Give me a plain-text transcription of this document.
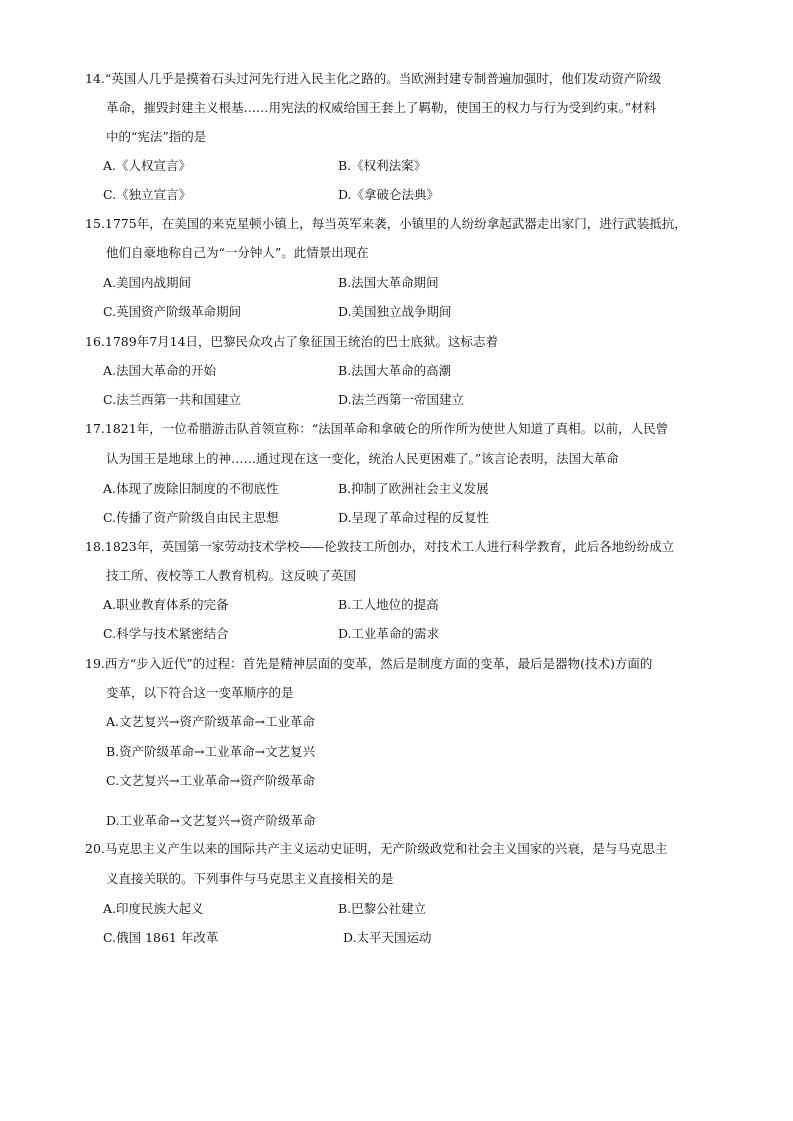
14.“英国人几乎是摸着石头过河先行进入民主化之路的。当欧洲封建专制普遍加强时，他们发动资产阶级
革命，摧毁封建主义根基……用宪法的权威给国王套上了羁勒，使国王的权力与行为受到约束。”材料
中的“宪法”指的是
A.《人权宣言》	B.《权利法案》
C.《独立宣言》	D.《拿破仑法典》
15.1775年，在美国的来克星顿小镇上，每当英军来袭，小镇里的人纷纷拿起武器走出家门，进行武装抵抗，
他们自豪地称自己为“一分钟人”。此情景出现在
A.美国内战期间	B.法国大革命期间
C.英国资产阶级革命期间	D.美国独立战争期间
16.1789年7月14日，巴黎民众攻占了象征国王统治的巴士底狱。这标志着
A.法国大革命的开始	B.法国大革命的高潮
C.法兰西第一共和国建立	D.法兰西第一帝国建立
17.1821年，一位希腊游击队首领宣称：“法国革命和拿破仑的所作所为使世人知道了真相。以前，人民曾
认为国王是地球上的神……通过现在这一变化，统治人民更困难了。”该言论表明，法国大革命
A.体现了废除旧制度的不彻底性	B.抑制了欧洲社会主义发展
C.传播了资产阶级自由民主思想	D.呈现了革命过程的反复性
18.1823年，英国第一家劳动技术学校——伦敦技工所创办，对技术工人进行科学教育，此后各地纷纷成立
技工所、夜校等工人教育机构。这反映了英国
A.职业教育体系的完备	B.工人地位的提高
C.科学与技术紧密结合	D.工业革命的需求
19.西方“步入近代”的过程：首先是精神层面的变革，然后是制度方面的变革，最后是器物(技术)方面的
变革，以下符合这一变革顺序的是
A.文艺复兴→资产阶级革命→工业革命
B.资产阶级革命→工业革命→文艺复兴
C.文艺复兴→工业革命→资产阶级革命
D.工业革命→文艺复兴→资产阶级革命
20.马克思主义产生以来的国际共产主义运动史证明，无产阶级政党和社会主义国家的兴衰，是与马克思主
义直接关联的。下列事件与马克思主义直接相关的是
A.印度民族大起义	B.巴黎公社建立
C.俄国 1861 年改革	D.太平天国运动
